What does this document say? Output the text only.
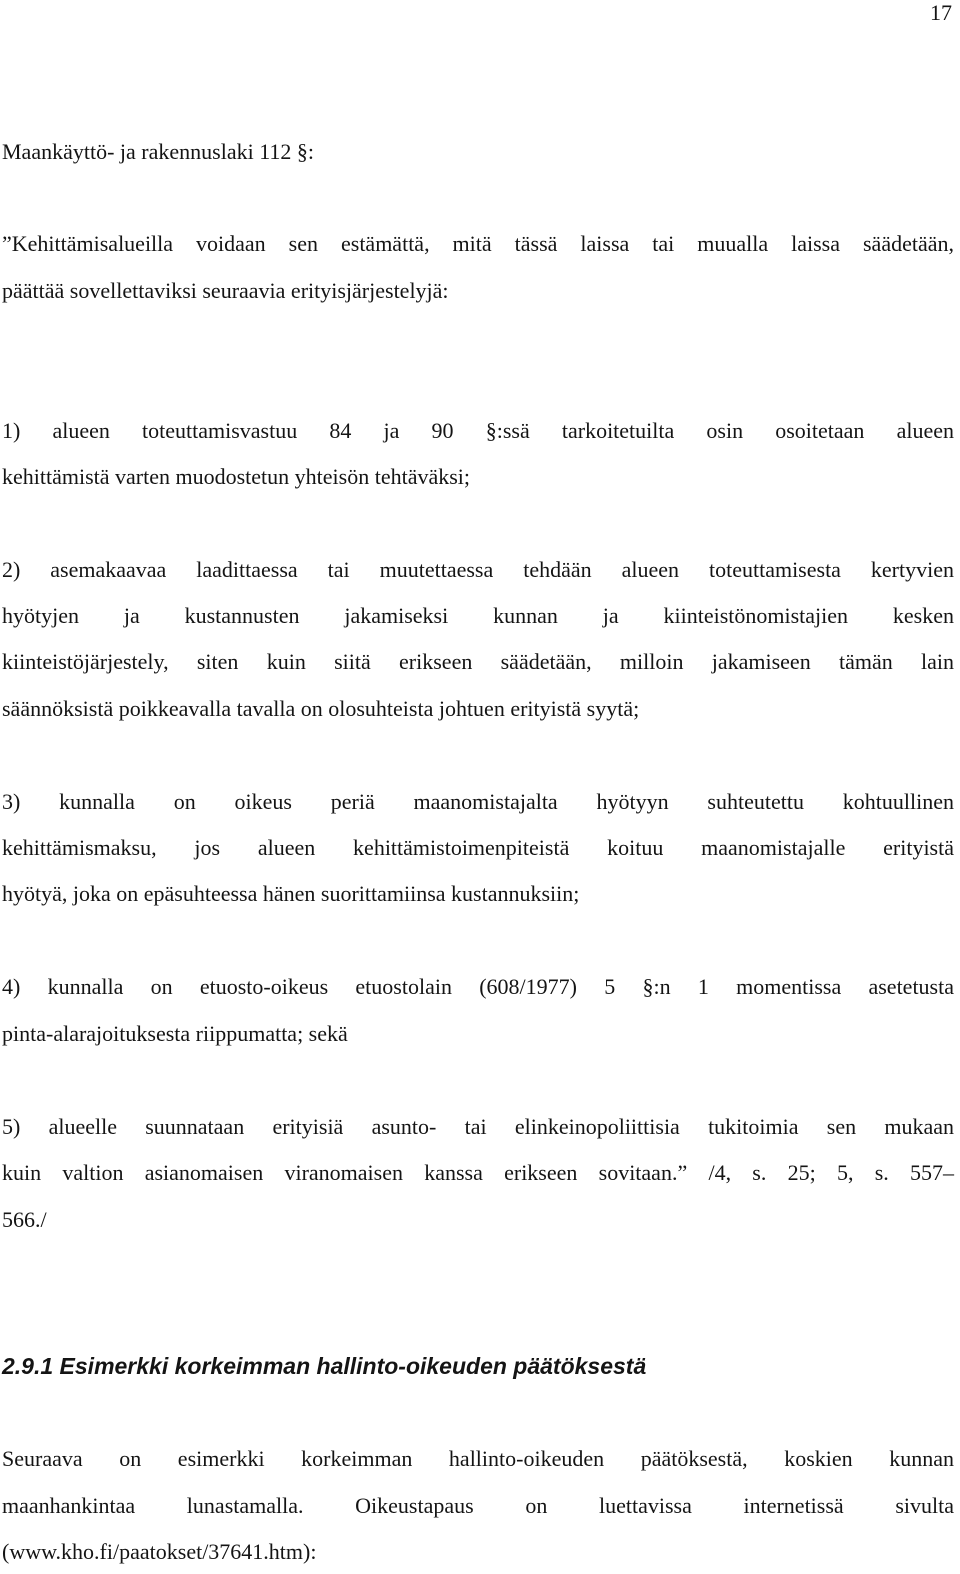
17

Maankäyttö- ja rakennuslaki 112 §:

”Kehittämisalueilla voidaan sen estämättä, mitä tässä laissa tai muualla laissa säädetään,

päättää sovellettaviksi seuraavia erityisjärjestelyjä:

1) alueen toteuttamisvastuu 84 ja 90 §:ssä tarkoitetuilta osin osoitetaan alueen

kehittämistä varten muodostetun yhteisön tehtäväksi;

2) asemakaavaa laadittaessa tai muutettaessa tehdään alueen toteuttamisesta kertyvien

hyötyjen ja kustannusten jakamiseksi kunnan ja kiinteistönomistajien kesken

kiinteistöjärjestely, siten kuin siitä erikseen säädetään, milloin jakamiseen tämän lain

säännöksistä poikkeavalla tavalla on olosuhteista johtuen erityistä syytä;

3) kunnalla on oikeus periä maanomistajalta hyötyyn suhteutettu kohtuullinen

kehittämismaksu, jos alueen kehittämistoimenpiteistä koituu maanomistajalle erityistä

hyötyä, joka on epäsuhteessa hänen suorittamiinsa kustannuksiin;

4) kunnalla on etuosto-oikeus etuostolain (608/1977) 5 §:n 1 momentissa asetetusta

pinta-alarajoituksesta riippumatta; sekä

5) alueelle suunnataan erityisiä asunto- tai elinkeinopoliittisia tukitoimia sen mukaan

kuin valtion asianomaisen viranomaisen kanssa erikseen sovitaan.” /4, s. 25; 5, s. 557–

566./

2.9.1 Esimerkki korkeimman hallinto-oikeuden päätöksestä

Seuraava on esimerkki korkeimman hallinto-oikeuden päätöksestä, koskien kunnan

maanhankintaa lunastamalla. Oikeustapaus on luettavissa internetissä sivulta

(www.kho.fi/paatokset/37641.htm):
